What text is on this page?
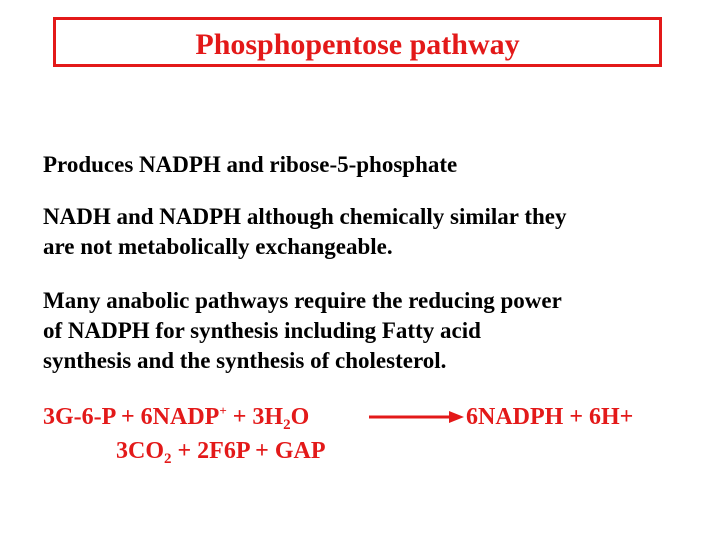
Phosphopentose pathway
Produces NADPH and ribose-5-phosphate
NADH and NADPH although chemically similar they
are not metabolically exchangeable.
Many anabolic pathways require the reducing power
of NADPH for synthesis including Fatty acid
synthesis and the synthesis of cholesterol.
3G-6-P + 6NADP+ + $3H_2O$	6NADPH + 6H+
$3CO_2 + 2F6P$ + GAP
